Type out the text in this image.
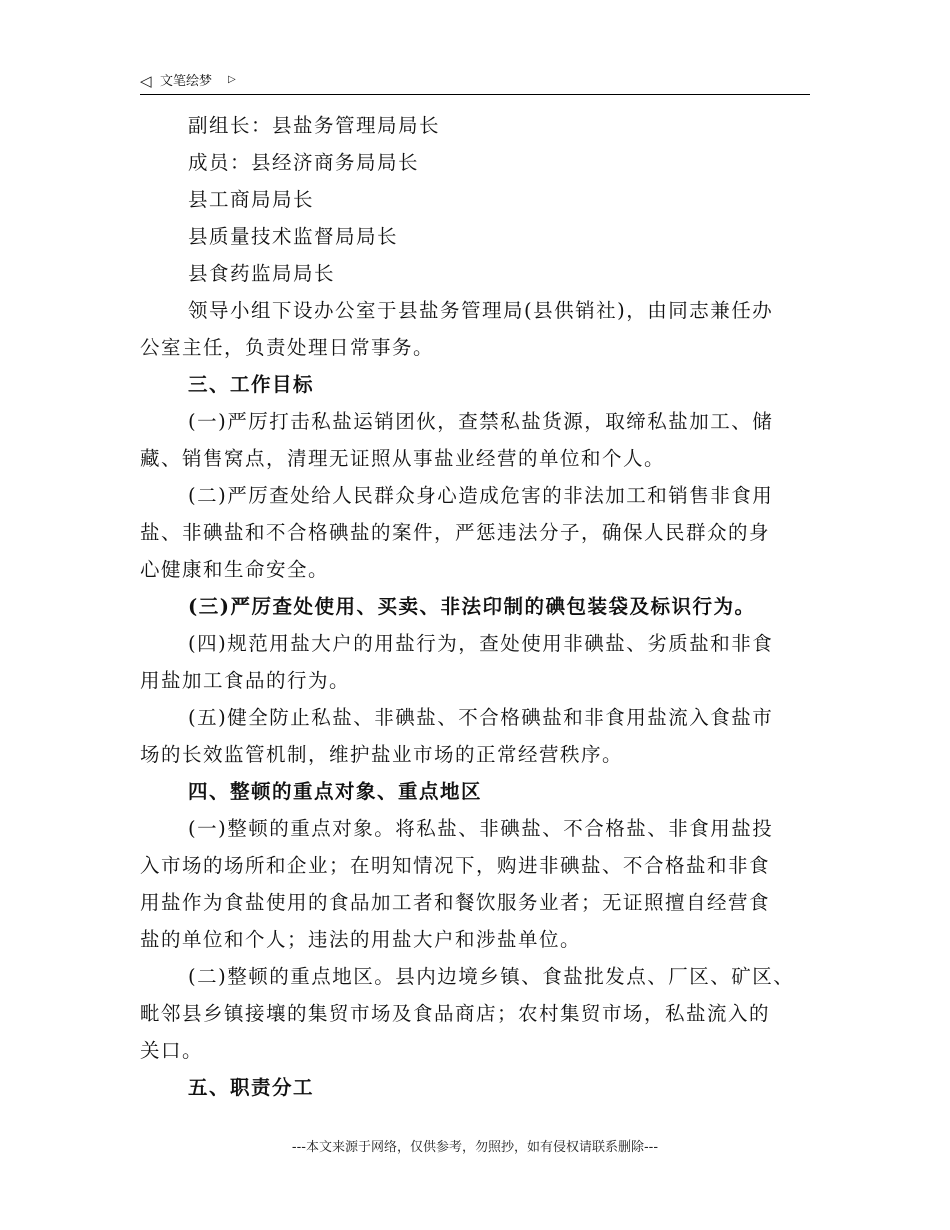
◁ 文笔绘梦 ▷
副组长：县盐务管理局局长
成员：县经济商务局局长
县工商局局长
县质量技术监督局局长
县食药监局局长
领导小组下设办公室于县盐务管理局(县供销社)，由同志兼任办
公室主任，负责处理日常事务。
三、工作目标
(一)严厉打击私盐运销团伙，查禁私盐货源，取缔私盐加工、储
藏、销售窝点，清理无证照从事盐业经营的单位和个人。
(二)严厉查处给人民群众身心造成危害的非法加工和销售非食用
盐、非碘盐和不合格碘盐的案件，严惩违法分子，确保人民群众的身
心健康和生命安全。
(三)严厉查处使用、买卖、非法印制的碘包装袋及标识行为。
(四)规范用盐大户的用盐行为，查处使用非碘盐、劣质盐和非食
用盐加工食品的行为。
(五)健全防止私盐、非碘盐、不合格碘盐和非食用盐流入食盐市
场的长效监管机制，维护盐业市场的正常经营秩序。
四、整顿的重点对象、重点地区
(一)整顿的重点对象。将私盐、非碘盐、不合格盐、非食用盐投
入市场的场所和企业；在明知情况下，购进非碘盐、不合格盐和非食
用盐作为食盐使用的食品加工者和餐饮服务业者；无证照擅自经营食
盐的单位和个人；违法的用盐大户和涉盐单位。
(二)整顿的重点地区。县内边境乡镇、食盐批发点、厂区、矿区、
毗邻县乡镇接壤的集贸市场及食品商店；农村集贸市场，私盐流入的
关口。
五、职责分工
---本文来源于网络，仅供参考，勿照抄，如有侵权请联系删除---
